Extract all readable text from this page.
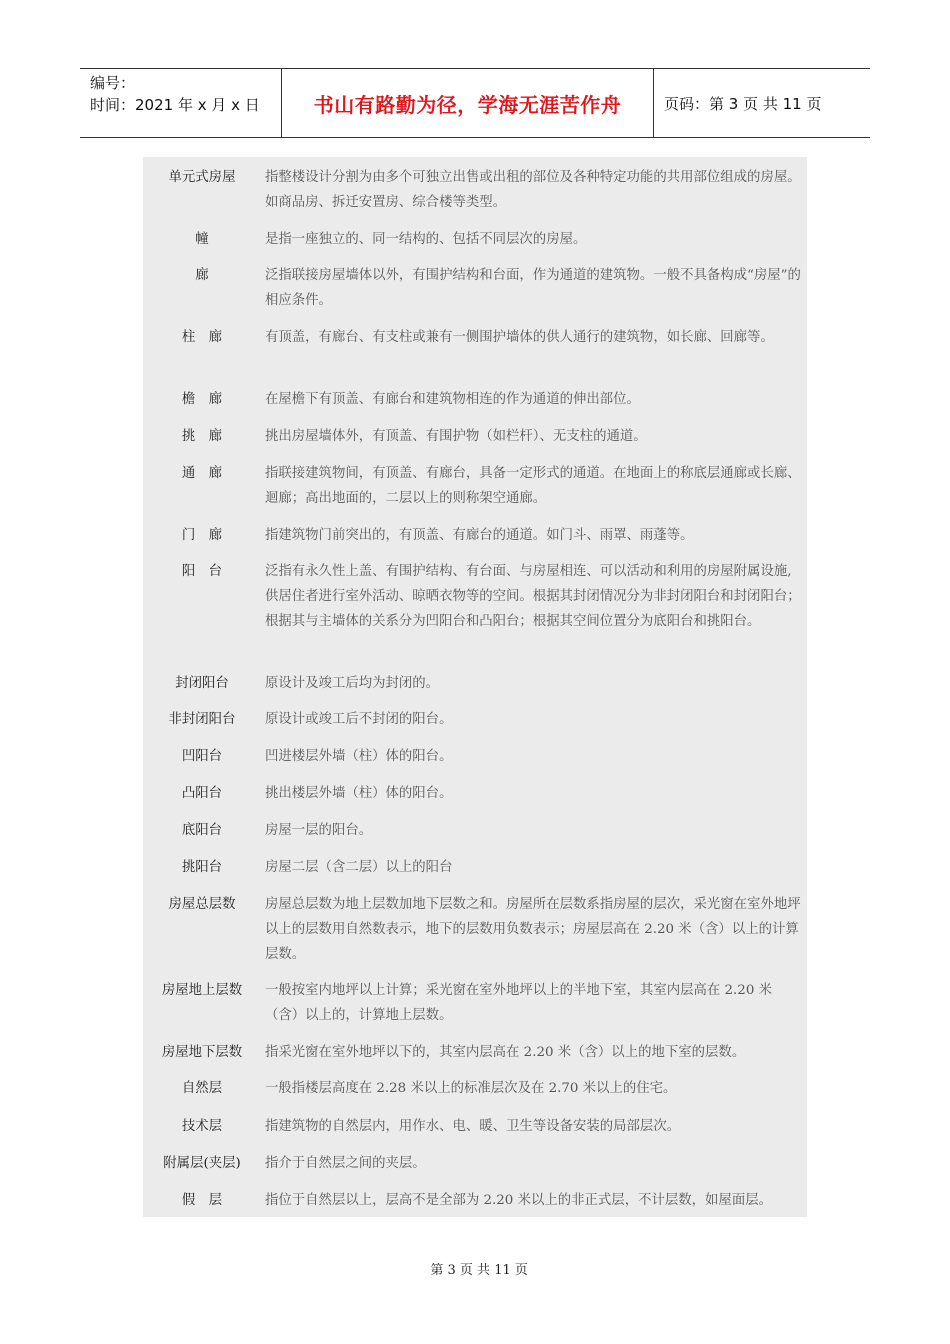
编号：
时间：2021 年 x 月 x 日	书山有路勤为径，学海无涯苦作舟	页码：第 3 页 共 11 页
单元式房屋	指整楼设计分割为由多个可独立出售或出租的部位及各种特定功能的共用部位组成的房屋。如商品房、拆迁安置房、综合楼等类型。
幢	是指一座独立的、同一结构的、包括不同层次的房屋。
廊	泛指联接房屋墙体以外，有围护结构和台面，作为通道的建筑物。一般不具备构成“房屋”的相应条件。
柱　廊	有顶盖，有廊台、有支柱或兼有一侧围护墙体的供人通行的建筑物，如长廊、回廊等。
檐　廊	在屋檐下有顶盖、有廊台和建筑物相连的作为通道的伸出部位。
挑　廊	挑出房屋墙体外，有顶盖、有围护物（如栏杆）、无支柱的通道。
通　廊	指联接建筑物间，有顶盖、有廊台，具备一定形式的通道。在地面上的称底层通廊或长廊、迴廊；高出地面的，二层以上的则称架空通廊。
门　廊	指建筑物门前突出的，有顶盖、有廊台的通道。如门斗、雨罩、雨蓬等。
阳　台	泛指有永久性上盖、有围护结构、有台面、与房屋相连、可以活动和利用的房屋附属设施,供居住者进行室外活动、晾晒衣物等的空间。根据其封闭情况分为非封闭阳台和封闭阳台；根据其与主墙体的关系分为凹阳台和凸阳台；根据其空间位置分为底阳台和挑阳台。
封闭阳台	原设计及竣工后均为封闭的。
非封闭阳台	原设计或竣工后不封闭的阳台。
凹阳台	凹进楼层外墙（柱）体的阳台。
凸阳台	挑出楼层外墙（柱）体的阳台。
底阳台	房屋一层的阳台。
挑阳台	房屋二层（含二层）以上的阳台
房屋总层数	房屋总层数为地上层数加地下层数之和。房屋所在层数系指房屋的层次，采光窗在室外地坪以上的层数用自然数表示，地下的层数用负数表示；房屋层高在 2.20 米（含）以上的计算层数。
房屋地上层数	一般按室内地坪以上计算；采光窗在室外地坪以上的半地下室，其室内层高在 2.20 米（含）以上的，计算地上层数。
房屋地下层数	指采光窗在室外地坪以下的，其室内层高在 2.20 米（含）以上的地下室的层数。
自然层	一般指楼层高度在 2.28 米以上的标准层次及在 2.70 米以上的住宅。
技术层	指建筑物的自然层内，用作水、电、暖、卫生等设备安装的局部层次。
附属层(夹层)	指介于自然层之间的夹层。
假　层	指位于自然层以上，层高不是全部为 2.20 米以上的非正式层，不计层数，如屋面层。

第 3 页 共 11 页
